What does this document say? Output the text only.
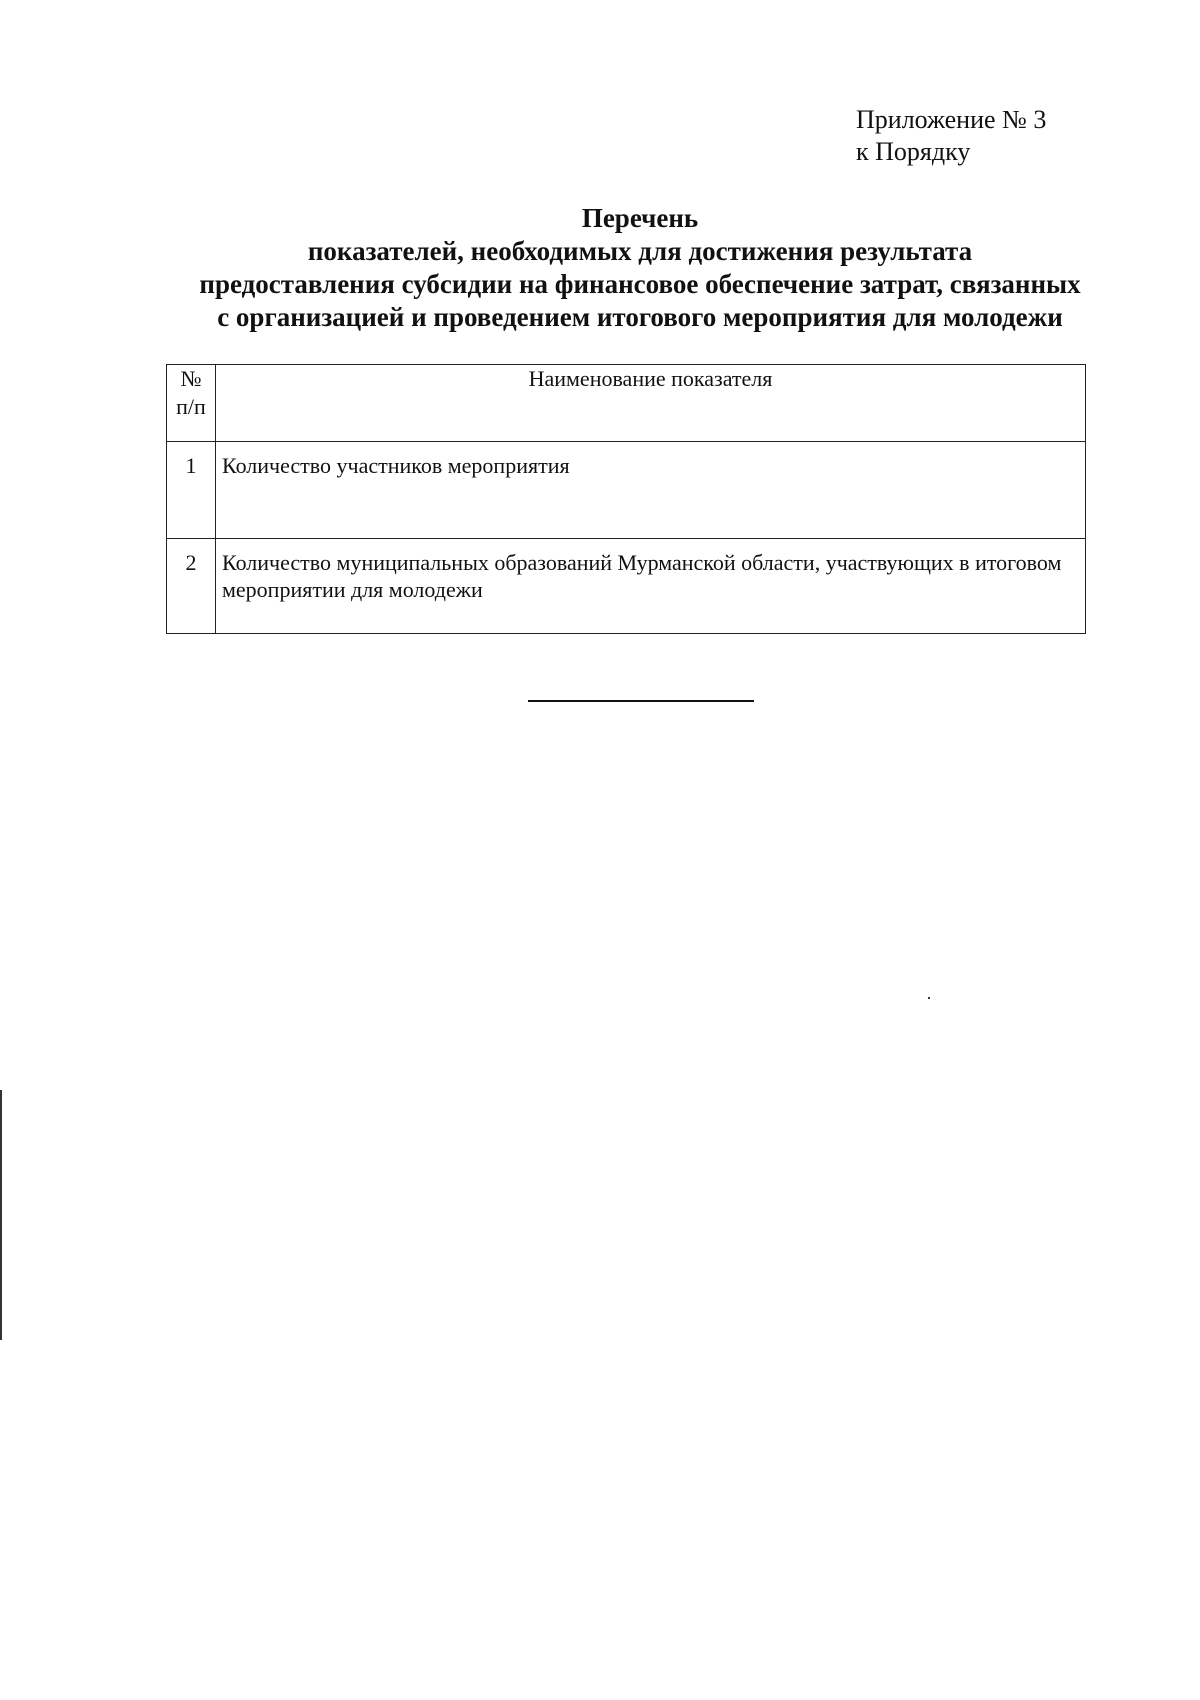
Приложение № 3
к Порядку
Перечень
показателей, необходимых для достижения результата
предоставления субсидии на финансовое обеспечение затрат, связанных
с организацией и проведением итогового мероприятия для молодежи
№
п/п	Наименование показателя
1	Количество участников мероприятия
2	Количество муниципальных образований Мурманской области, участвующих в итоговом мероприятии для молодежи
